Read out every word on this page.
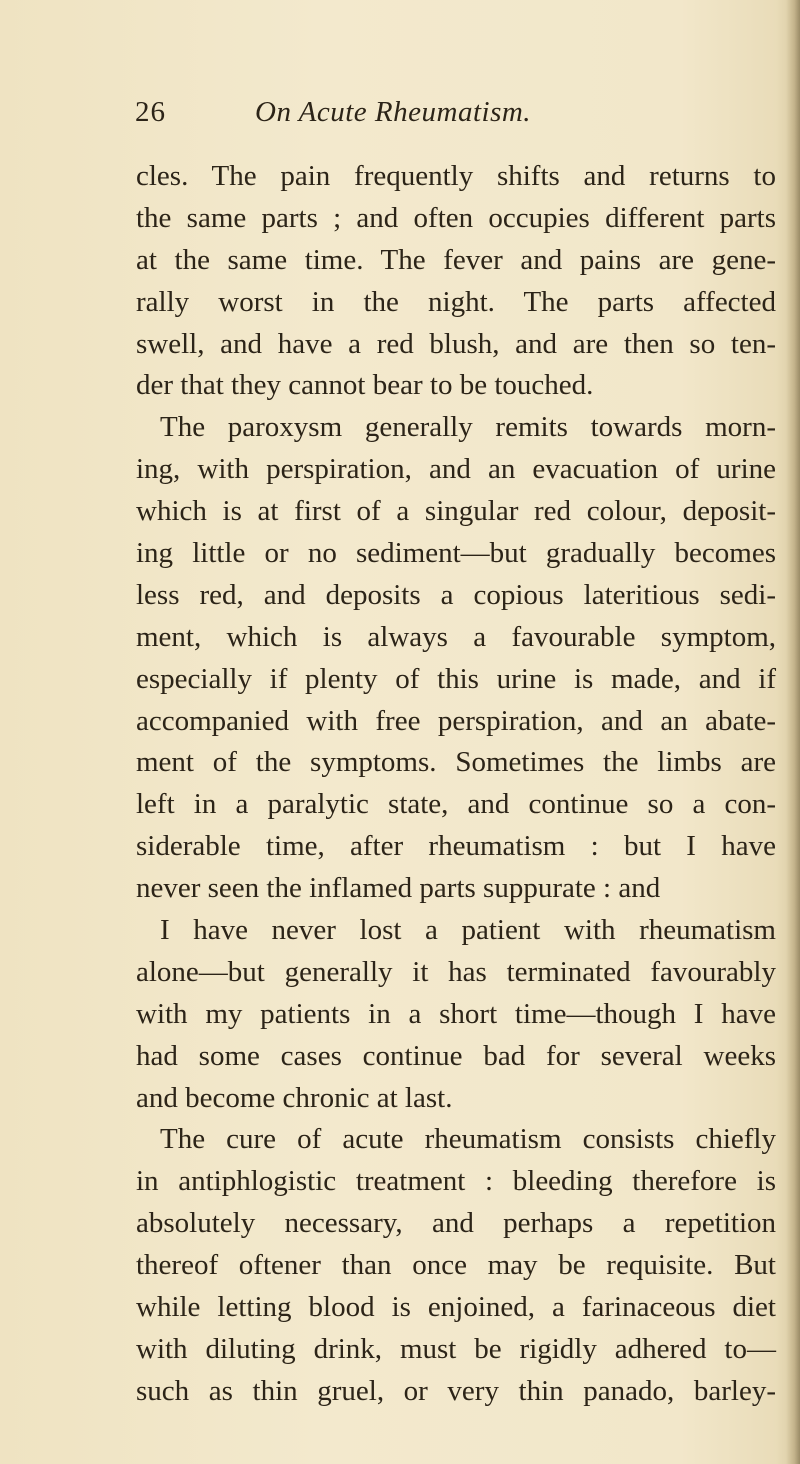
26	On Acute Rheumatism.
cles. The pain frequently shifts and returns to
the same parts ; and often occupies different parts
at the same time. The fever and pains are gene-
rally worst in the night. The parts affected
swell, and have a red blush, and are then so ten-
der that they cannot bear to be touched.
The paroxysm generally remits towards morn-
ing, with perspiration, and an evacuation of urine
which is at first of a singular red colour, deposit-
ing little or no sediment—but gradually becomes
less red, and deposits a copious lateritious sedi-
ment, which is always a favourable symptom,
especially if plenty of this urine is made, and if
accompanied with free perspiration, and an abate-
ment of the symptoms. Sometimes the limbs are
left in a paralytic state, and continue so a con-
siderable time, after rheumatism : but I have
never seen the inflamed parts suppurate : and
I have never lost a patient with rheumatism
alone—but generally it has terminated favourably
with my patients in a short time—though I have
had some cases continue bad for several weeks
and become chronic at last.
The cure of acute rheumatism consists chiefly
in antiphlogistic treatment : bleeding therefore is
absolutely necessary, and perhaps a repetition
thereof oftener than once may be requisite. But
while letting blood is enjoined, a farinaceous diet
with diluting drink, must be rigidly adhered to—
such as thin gruel, or very thin panado, barley-
